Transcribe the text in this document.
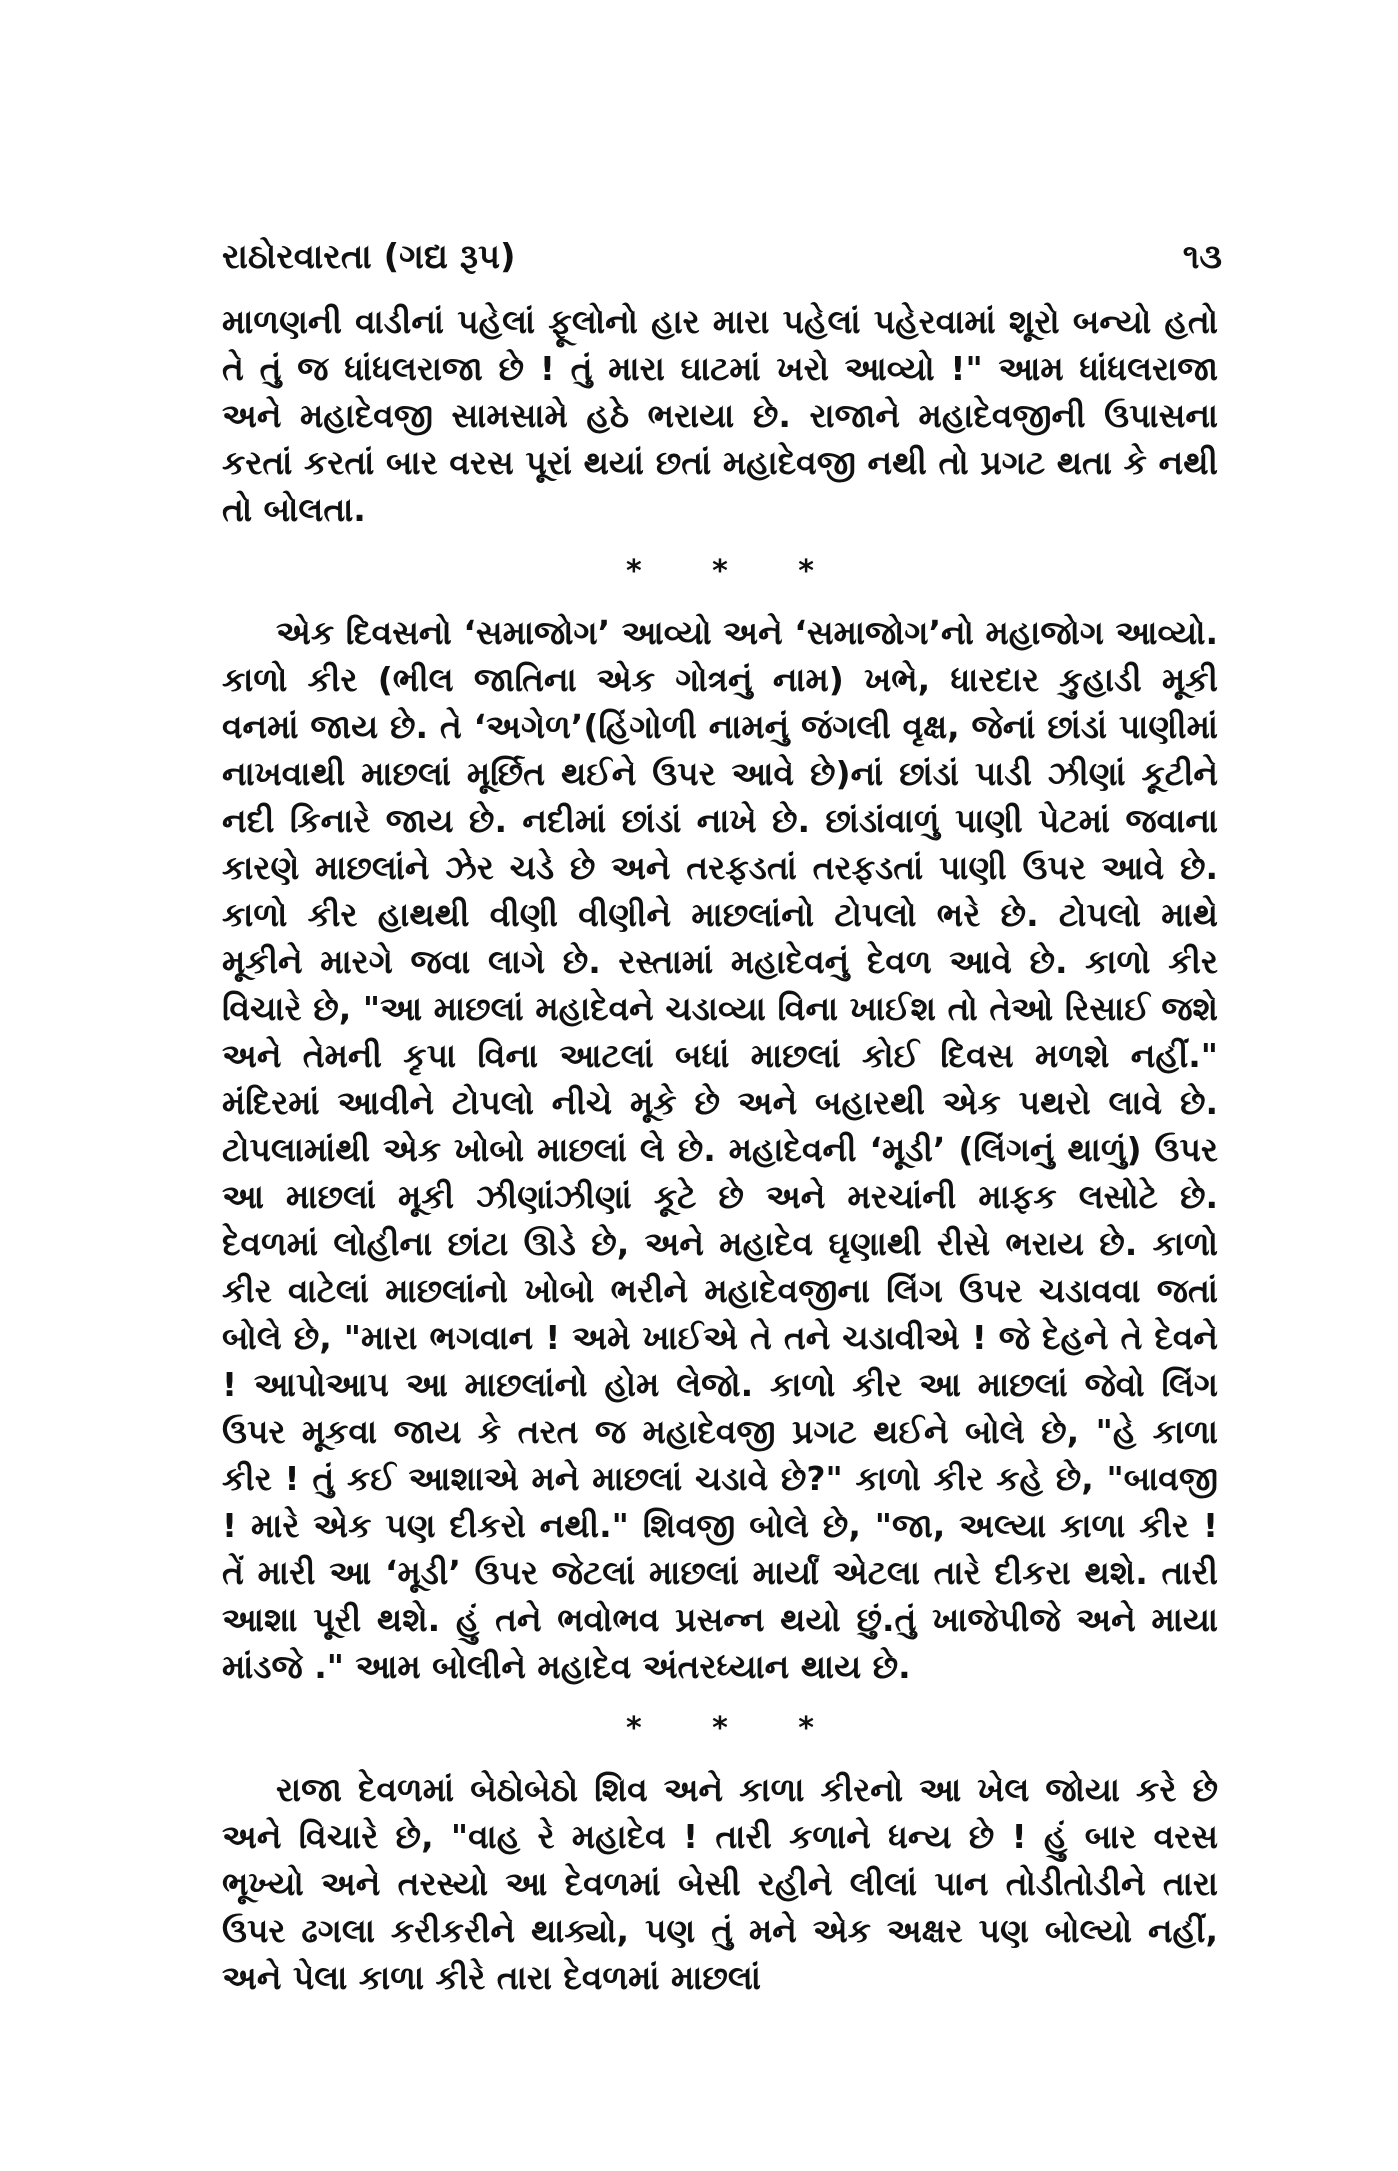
રાઠોરવારતા (ગદ્ય રૂપ)	૧૩

માળણની વાડીનાં પહેલાં ફૂલોનો હાર મારા પહેલાં પહેરવામાં શૂરો બન્યો હતો તે તું જ ધાંધલરાજા છે ! તું મારા ઘાટમાં ખરો આવ્યો !" આમ ધાંધલરાજા અને મહાદેવજી સામસામે હઠે ભરાયા છે. રાજાને મહાદેવજીની ઉપાસના કરતાં કરતાં બાર વરસ પૂરાં થયાં છતાં મહાદેવજી નથી તો પ્રગટ થતા કે નથી તો બોલતા.

* * *

એક દિવસનો ‘સમાજોગ’ આવ્યો અને ‘સમાજોગ’નો મહાજોગ આવ્યો. કાળો કીર (ભીલ જાતિના એક ગોત્રનું નામ) ખભે, ધારદાર કુહાડી મૂકી વનમાં જાય છે. તે ‘અગેળ’(હિંગોળી નામનું જંગલી વૃક્ષ, જેનાં છાંડાં પાણીમાં નાખવાથી માછલાં મૂર્છિત થઈને ઉપર આવે છે)નાં છાંડાં પાડી ઝીણાં કૂટીને નદી કિનારે જાય છે. નદીમાં છાંડાં નાખે છે. છાંડાંવાળું પાણી પેટમાં જવાના કારણે માછલાંને ઝેર ચડે છે અને તરફડતાં તરફડતાં પાણી ઉપર આવે છે. કાળો કીર હાથથી વીણી વીણીને માછલાંનો ટોપલો ભરે છે. ટોપલો માથે મૂકીને મારગે જવા લાગે છે. રસ્તામાં મહાદેવનું દેવળ આવે છે. કાળો કીર વિચારે છે, "આ માછલાં મહાદેવને ચડાવ્યા વિના ખાઈશ તો તેઓ રિસાઈ જશે અને તેમની કૃપા વિના આટલાં બધાં માછલાં કોઈ દિવસ મળશે નહીં." મંદિરમાં આવીને ટોપલો નીચે મૂકે છે અને બહારથી એક પથરો લાવે છે. ટોપલામાંથી એક ખોબો માછલાં લે છે. મહાદેવની ‘મૂડી’ (લિંગનું થાળું) ઉપર આ માછલાં મૂકી ઝીણાંઝીણાં કૂટે છે અને મરચાંની માફક લસોટે છે. દેવળમાં લોહીના છાંટા ઊડે છે, અને મહાદેવ ઘૃણાથી રીસે ભરાય છે. કાળો કીર વાટેલાં માછલાંનો ખોબો ભરીને મહાદેવજીના લિંગ ઉપર ચડાવવા જતાં બોલે છે, "મારા ભગવાન ! અમે ખાઈએ તે તને ચડાવીએ ! જે દેહને તે દેવને ! આપોઆપ આ માછલાંનો હોમ લેજો. કાળો કીર આ માછલાં જેવો લિંગ ઉપર મૂકવા જાય કે તરત જ મહાદેવજી પ્રગટ થઈને બોલે છે, "હે કાળા કીર ! તું કઈ આશાએ મને માછલાં ચડાવે છે?" કાળો કીર કહે છે, "બાવજી ! મારે એક પણ દીકરો નથી." શિવજી બોલે છે, "જા, અલ્યા કાળા કીર ! તેં મારી આ ‘મૂડી’ ઉપર જેટલાં માછલાં માર્યાં એટલા તારે દીકરા થશે. તારી આશા પૂરી થશે. હું તને ભવોભવ પ્રસન્ન થયો છું.તું ખાજેપીજે અને માયા માંડજે ." આમ બોલીને મહાદેવ અંતરધ્યાન થાય છે.

* * *

રાજા દેવળમાં બેઠોબેઠો શિવ અને કાળા કીરનો આ ખેલ જોયા કરે છે અને વિચારે છે, "વાહ રે મહાદેવ ! તારી કળાને ધન્ય છે ! હું બાર વરસ ભૂખ્યો અને તરસ્યો આ દેવળમાં બેસી રહીને લીલાં પાન તોડીતોડીને તારા ઉપર ઢગલા કરીકરીને થાક્યો, પણ તું મને એક અક્ષર પણ બોલ્યો નહીં, અને પેલા કાળા કીરે તારા દેવળમાં માછલાં
